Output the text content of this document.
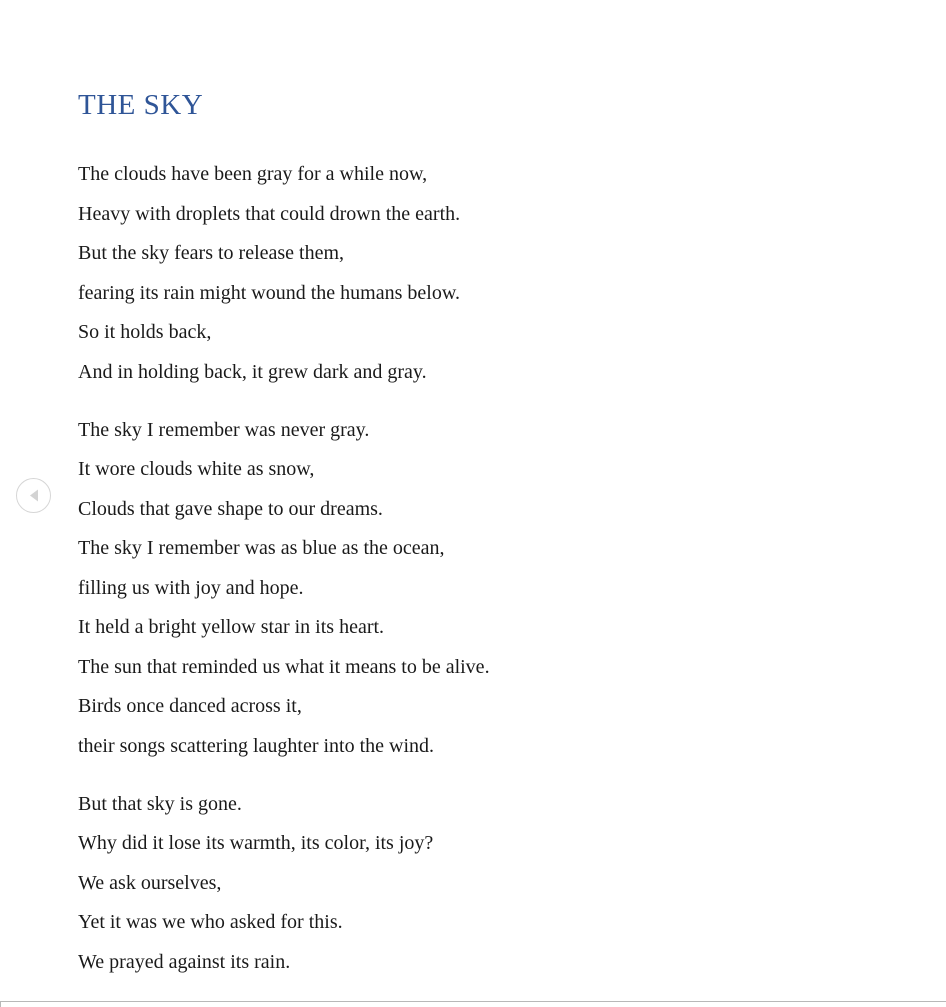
THE SKY
The clouds have been gray for a while now,
Heavy with droplets that could drown the earth.
But the sky fears to release them,
fearing its rain might wound the humans below.
So it holds back,
And in holding back, it grew dark and gray.
The sky I remember was never gray.
It wore clouds white as snow,
Clouds that gave shape to our dreams.
The sky I remember was as blue as the ocean,
filling us with joy and hope.
It held a bright yellow star in its heart.
The sun that reminded us what it means to be alive.
Birds once danced across it,
their songs scattering laughter into the wind.
But that sky is gone.
Why did it lose its warmth, its color, its joy?
We ask ourselves,
Yet it was we who asked for this.
We prayed against its rain.
